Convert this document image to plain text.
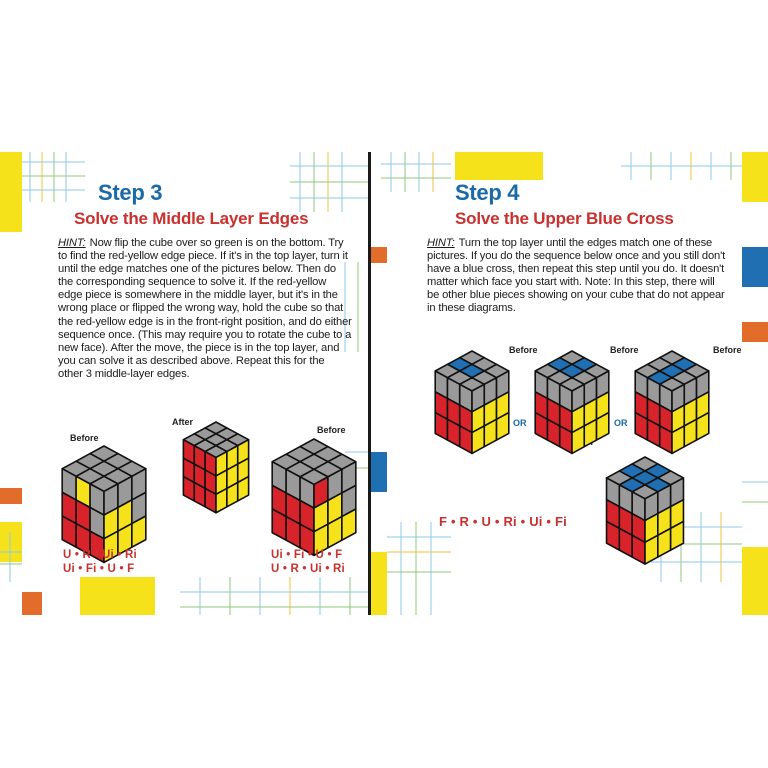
Step 3
Solve the Middle Layer Edges
HINT: Now flip the cube over so green is on the bottom. Try to find the red-yellow edge piece. If it's in the top layer, turn it until the edge matches one of the pictures below. Then do the corresponding sequence to solve it. If the red-yellow edge piece is somewhere in the middle layer, but it's in the wrong place or flipped the wrong way, hold the cube so that the red-yellow edge is in the front-right position, and do either sequence once. (This may require you to rotate the cube to a new face). After the move, the piece is in the top layer, and you can solve it as described above. Repeat this for the other 3 middle-layer edges.
Before
After
Before
U • R • Ui • Ri
Ui • Fi • U • F
Ui • Fi • U • F
U • R • Ui • Ri
Step 4
Solve the Upper Blue Cross
HINT: Turn the top layer until the edges match one of these pictures. If you do the sequence below once and you still don't have a blue cross, then repeat this step until you do. It doesn't matter which face you start with. Note: In this step, there will be other blue pieces showing on your cube that do not appear in these diagrams.
Before	Before	Before
OR	OR
F • R • U • Ri • Ui • Fi
